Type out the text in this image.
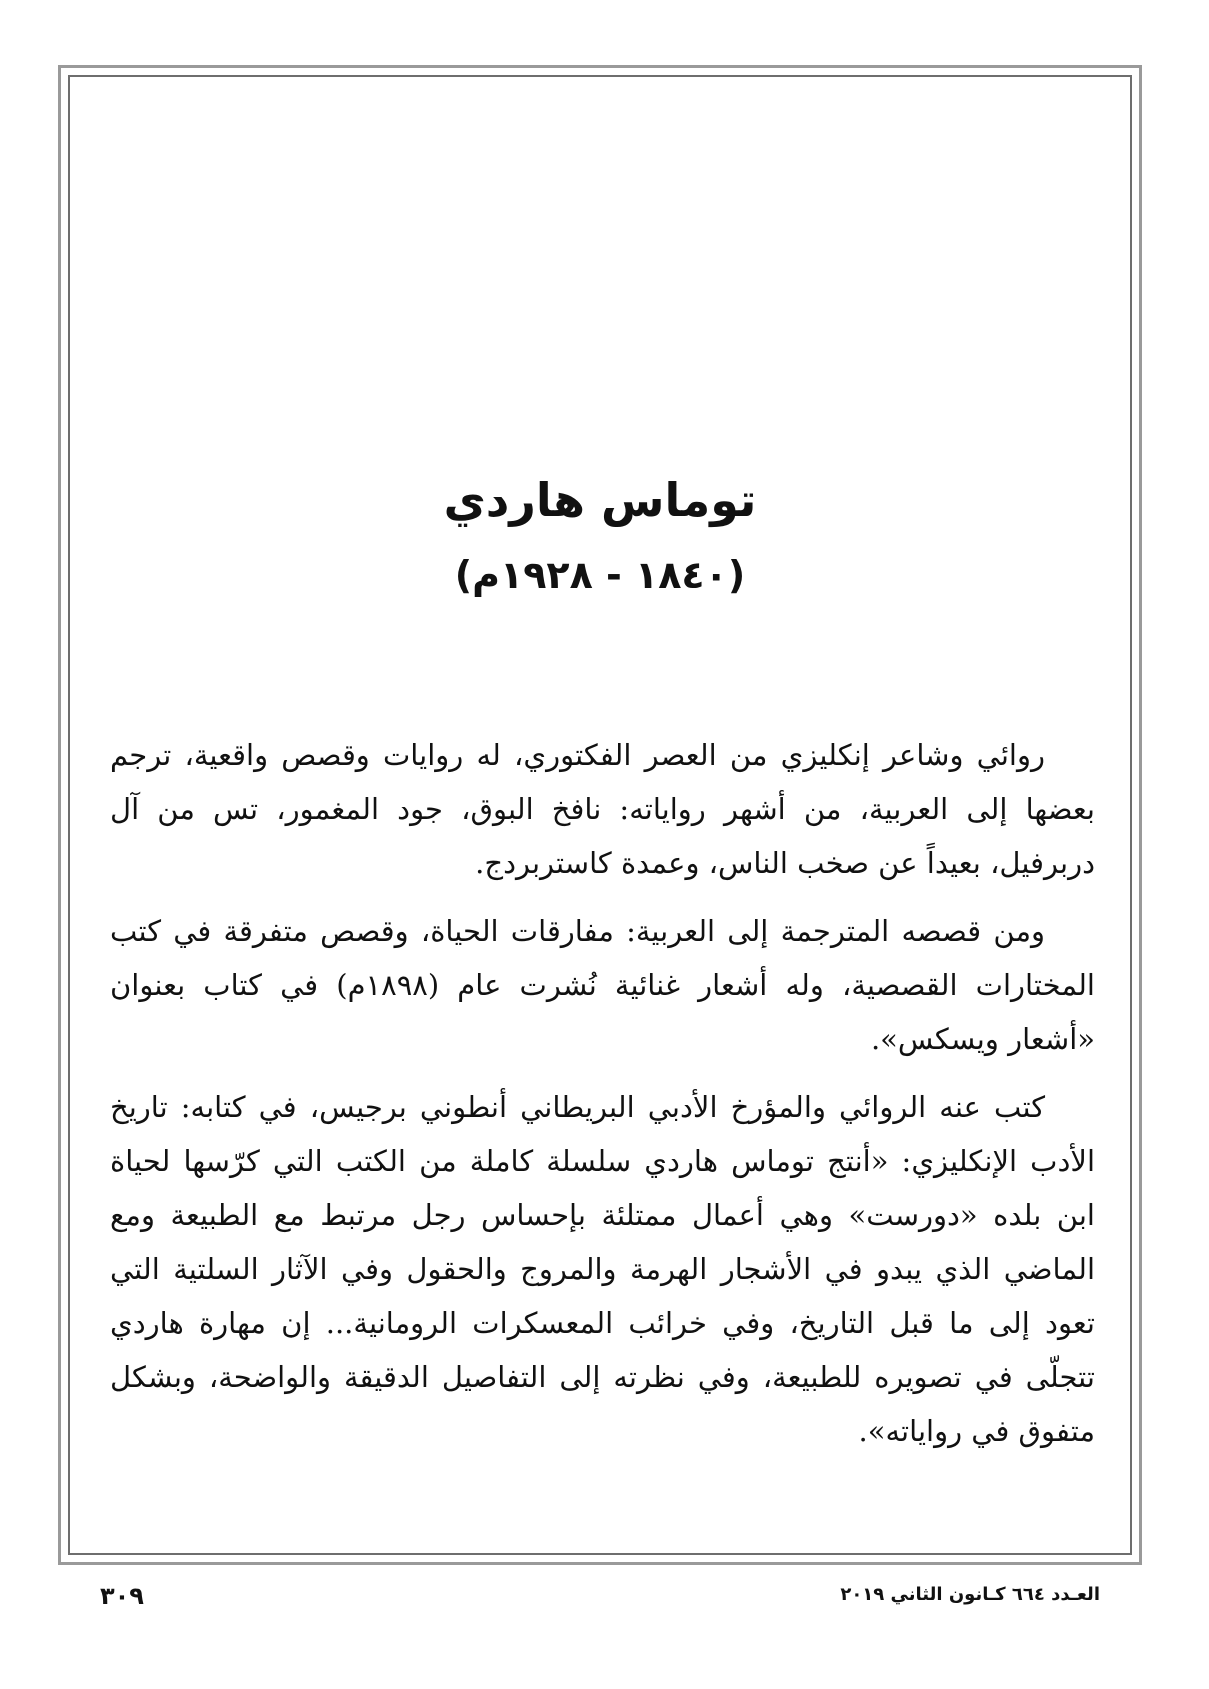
توماس هاردي
(١٨٤٠ - ١٩٢٨م)

روائي وشاعر إنكليزي من العصر الفكتوري، له روايات وقصص واقعية، ترجم بعضها إلى العربية، من أشهر رواياته: نافخ البوق، جود المغمور، تس من آل دربرفيل، بعيداً عن صخب الناس، وعمدة كاستربردج.

ومن قصصه المترجمة إلى العربية: مفارقات الحياة، وقصص متفرقة في كتب المختارات القصصية، وله أشعار غنائية نُشرت عام (١٨٩٨م) في كتاب بعنوان «أشعار ويسكس».

كتب عنه الروائي والمؤرخ الأدبي البريطاني أنطوني برجيس، في كتابه: تاريخ الأدب الإنكليزي: «أنتج توماس هاردي سلسلة كاملة من الكتب التي كرّسها لحياة ابن بلده «دورست» وهي أعمال ممتلئة بإحساس رجل مرتبط مع الطبيعة ومع الماضي الذي يبدو في الأشجار الهرمة والمروج والحقول وفي الآثار السلتية التي تعود إلى ما قبل التاريخ، وفي خرائب المعسكرات الرومانية... إن مهارة هاردي تتجلّى في تصويره للطبيعة، وفي نظرته إلى التفاصيل الدقيقة والواضحة، وبشكل متفوق في رواياته».

٣٠٩	العـدد ٦٦٤ كـانون الثاني ٢٠١٩
